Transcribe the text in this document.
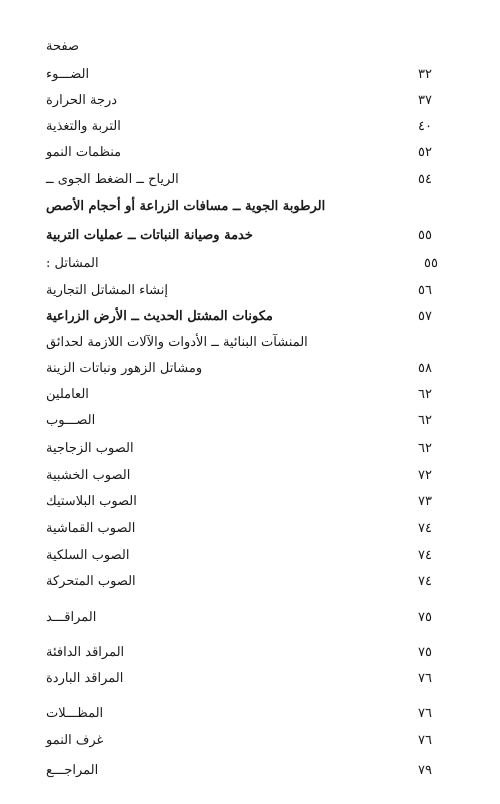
صفحة
الضـــوء	٣٢
درجة الحرارة	٣٧
التربة والتغذية	٤٠
منظمات النمو	٥٢
الرياح ــ الضغط الجوى ــ	٥٤
الرطوبة الجوية ــ مسافات الزراعة أو أحجام الأصص
خدمة وصيانة النباتات ــ عمليات التربية	٥٥
المشاتل :	٥٥
إنشاء المشاتل التجارية	٥٦
مكونات المشتل الحديث ــ الأرض الزراعية	٥٧
المنشآت البنائية ــ الأدوات والآلات اللازمة لحدائق
ومشاتل الزهور ونباتات الزينة	٥٨
العاملين	٦٢
الصـــوب	٦٢
الصوب الزجاجية	٦٢
الصوب الخشبية	٧٢
الصوب البلاستيك	٧٣
الصوب القماشية	٧٤
الصوب السلكية	٧٤
الصوب المتحركة	٧٤
المراقـــد	٧٥
المراقد الدافئة	٧٥
المراقد الباردة	٧٦
المظـــلات	٧٦
غرف النمو	٧٦
المراجـــع	٧٩
